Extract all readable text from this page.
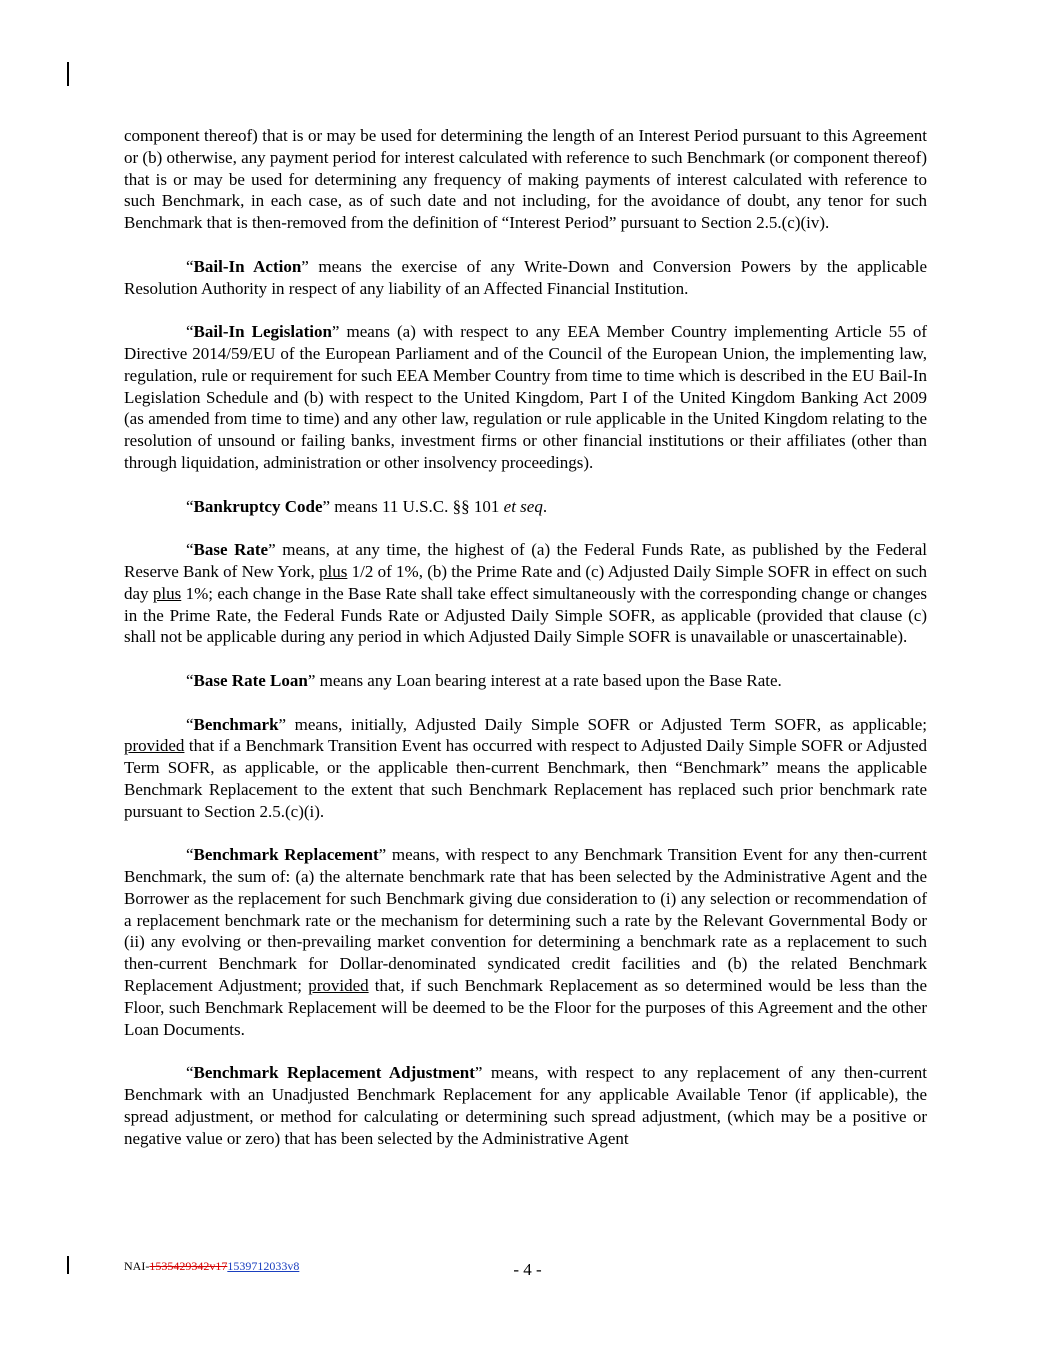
component thereof) that is or may be used for determining the length of an Interest Period pursuant to this Agreement or (b) otherwise, any payment period for interest calculated with reference to such Benchmark (or component thereof) that is or may be used for determining any frequency of making payments of interest calculated with reference to such Benchmark, in each case, as of such date and not including, for the avoidance of doubt, any tenor for such Benchmark that is then-removed from the definition of “Interest Period” pursuant to Section 2.5.(c)(iv).

“Bail-In Action” means the exercise of any Write-Down and Conversion Powers by the applicable Resolution Authority in respect of any liability of an Affected Financial Institution.

“Bail-In Legislation” means (a) with respect to any EEA Member Country implementing Article 55 of Directive 2014/59/EU of the European Parliament and of the Council of the European Union, the implementing law, regulation, rule or requirement for such EEA Member Country from time to time which is described in the EU Bail-In Legislation Schedule and (b) with respect to the United Kingdom, Part I of the United Kingdom Banking Act 2009 (as amended from time to time) and any other law, regulation or rule applicable in the United Kingdom relating to the resolution of unsound or failing banks, investment firms or other financial institutions or their affiliates (other than through liquidation, administration or other insolvency proceedings).

“Bankruptcy Code” means 11 U.S.C. §§ 101 et seq.

“Base Rate” means, at any time, the highest of (a) the Federal Funds Rate, as published by the Federal Reserve Bank of New York, plus 1/2 of 1%, (b) the Prime Rate and (c) Adjusted Daily Simple SOFR in effect on such day plus 1%; each change in the Base Rate shall take effect simultaneously with the corresponding change or changes in the Prime Rate, the Federal Funds Rate or Adjusted Daily Simple SOFR, as applicable (provided that clause (c) shall not be applicable during any period in which Adjusted Daily Simple SOFR is unavailable or unascertainable).

“Base Rate Loan” means any Loan bearing interest at a rate based upon the Base Rate.

“Benchmark” means, initially, Adjusted Daily Simple SOFR or Adjusted Term SOFR, as applicable; provided that if a Benchmark Transition Event has occurred with respect to Adjusted Daily Simple SOFR or Adjusted Term SOFR, as applicable, or the applicable then-current Benchmark, then “Benchmark” means the applicable Benchmark Replacement to the extent that such Benchmark Replacement has replaced such prior benchmark rate pursuant to Section 2.5.(c)(i).

“Benchmark Replacement” means, with respect to any Benchmark Transition Event for any then-current Benchmark, the sum of: (a) the alternate benchmark rate that has been selected by the Administrative Agent and the Borrower as the replacement for such Benchmark giving due consideration to (i) any selection or recommendation of a replacement benchmark rate or the mechanism for determining such a rate by the Relevant Governmental Body or (ii) any evolving or then-prevailing market convention for determining a benchmark rate as a replacement to such then-current Benchmark for Dollar-denominated syndicated credit facilities and (b) the related Benchmark Replacement Adjustment; provided that, if such Benchmark Replacement as so determined would be less than the Floor, such Benchmark Replacement will be deemed to be the Floor for the purposes of this Agreement and the other Loan Documents.

“Benchmark Replacement Adjustment” means, with respect to any replacement of any then-current Benchmark with an Unadjusted Benchmark Replacement for any applicable Available Tenor (if applicable), the spread adjustment, or method for calculating or determining such spread adjustment, (which may be a positive or negative value or zero) that has been selected by the Administrative Agent

NAI-1535429342v171539712033v8	- 4 -
